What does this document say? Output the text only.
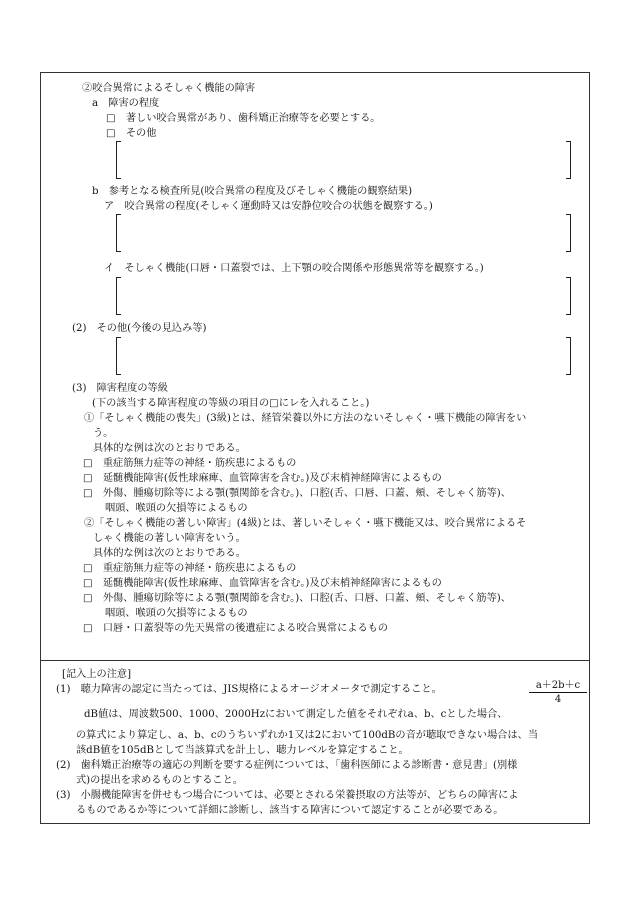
②咬合異常によるそしゃく機能の障害
a　障害の程度
□　著しい咬合異常があり、歯科矯正治療等を必要とする。
□　その他
b　参考となる検査所見(咬合異常の程度及びそしゃく機能の観察結果)
ア　咬合異常の程度(そしゃく運動時又は安静位咬合の状態を観察する。)
イ　そしゃく機能(口唇・口蓋裂では、上下顎の咬合関係や形態異常等を観察する。)
(2)　その他(今後の見込み等)
(3)　障害程度の等級
(下の該当する障害程度の等級の項目の□にレを入れること。)
①「そしゃく機能の喪失」(3級)とは、経管栄養以外に方法のないそしゃく・嚥下機能の障害をい
う。
具体的な例は次のとおりである。
□　重症筋無力症等の神経・筋疾患によるもの
□　延髄機能障害(仮性球麻痺、血管障害を含む。)及び末梢神経障害によるもの
□　外傷、腫瘍切除等による顎(顎関節を含む。)、口腔(舌、口唇、口蓋、頬、そしゃく筋等)、
咽頭、喉頭の欠損等によるもの
②「そしゃく機能の著しい障害」(4級)とは、著しいそしゃく・嚥下機能又は、咬合異常によるそ
しゃく機能の著しい障害をいう。
具体的な例は次のとおりである。
□　重症筋無力症等の神経・筋疾患によるもの
□　延髄機能障害(仮性球麻痺、血管障害を含む。)及び末梢神経障害によるもの
□　外傷、腫瘍切除等による顎(顎関節を含む。)、口腔(舌、口唇、口蓋、頬、そしゃく筋等)、
咽頭、喉頭の欠損等によるもの
□　口唇・口蓋裂等の先天異常の後遺症による咬合異常によるもの
[記入上の注意]
(1)　聴力障害の認定に当たっては、JIS規格によるオージオメータで測定すること。
dB値は、周波数500、1000、2000Hzにおいて測定した値をそれぞれa、b、cとした場合、
$\frac{a+2b+c}{4}$
の算式により算定し、a、b、cのうちいずれか1又は2において100dBの音が聴取できない場合は、当
該dB値を105dBとして当該算式を計上し、聴力レベルを算定すること。
(2)　歯科矯正治療等の適応の判断を要する症例については、「歯科医師による診断書・意見書」(別様
式)の提出を求めるものとすること。
(3)　小腸機能障害を併せもつ場合については、必要とされる栄養摂取の方法等が、どちらの障害によ
るものであるか等について詳細に診断し、該当する障害について認定することが必要である。
